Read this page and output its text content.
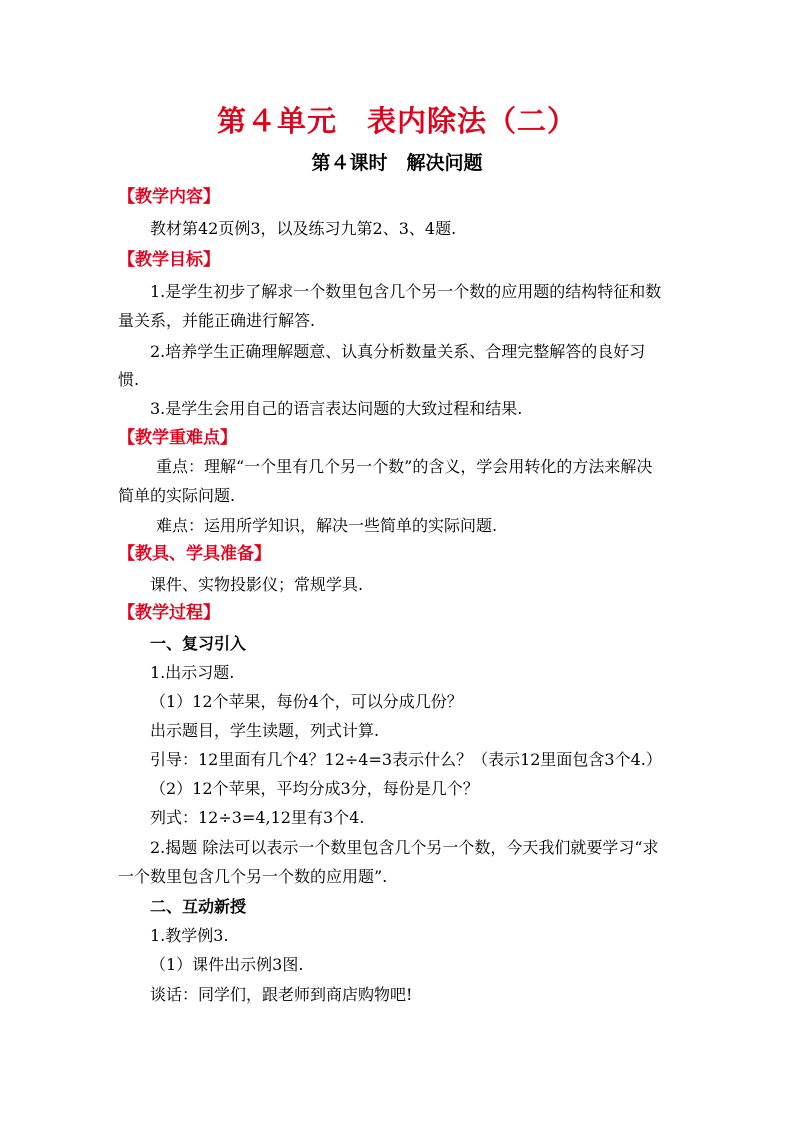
第４单元　表内除法（二）
第４课时　解决问题
【教学内容】
教材第42页例3，以及练习九第2、3、4题.
【教学目标】
1.是学生初步了解求一个数里包含几个另一个数的应用题的结构特征和数
量关系，并能正确进行解答.
2.培养学生正确理解题意、认真分析数量关系、合理完整解答的良好习
惯.
3.是学生会用自己的语言表达问题的大致过程和结果.
【教学重难点】
重点：理解“一个里有几个另一个数”的含义，学会用转化的方法来解决
简单的实际问题.
难点：运用所学知识，解决一些简单的实际问题.
【教具、学具准备】
课件、实物投影仪；常规学具.
【教学过程】
一、复习引入
1.出示习题.
（1）12个苹果，每份4个，可以分成几份？
出示题目，学生读题，列式计算.
引导：12里面有几个4？12÷4=3表示什么？（表示12里面包含3个4.）
（2）12个苹果，平均分成3分，每份是几个？
列式：12÷3=4,12里有3个4.
2.揭题 除法可以表示一个数里包含几个另一个数，今天我们就要学习“求
一个数里包含几个另一个数的应用题”.
二、互动新授
1.教学例3.
（1）课件出示例3图.
谈话：同学们，跟老师到商店购物吧!
